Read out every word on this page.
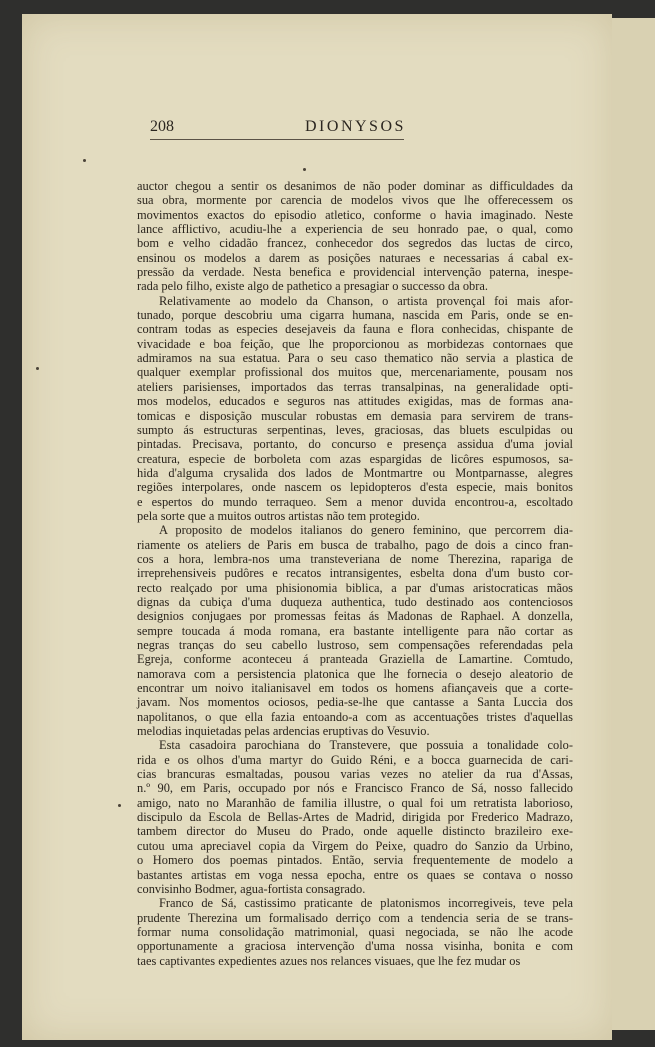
208	DIONYSOS
auctor chegou a sentir os desanimos de não poder dominar as difficuldades da
sua obra, mormente por carencia de modelos vivos que lhe offerecessem os
movimentos exactos do episodio atletico, conforme o havia imaginado. Neste
lance afflictivo, acudiu-lhe a experiencia de seu honrado pae, o qual, como
bom e velho cidadão francez, conhecedor dos segredos das luctas de circo,
ensinou os modelos a darem as posições naturaes e necessarias á cabal ex-
pressão da verdade. Nesta benefica e providencial intervenção paterna, inespe-
rada pelo filho, existe algo de pathetico a presagiar o successo da obra.
Relativamente ao modelo da Chanson, o artista provençal foi mais afor-
tunado, porque descobriu uma cigarra humana, nascida em Paris, onde se en-
contram todas as especies desejaveis da fauna e flora conhecidas, chispante de
vivacidade e boa feição, que lhe proporcionou as morbidezas contornaes que
admiramos na sua estatua. Para o seu caso thematico não servia a plastica de
qualquer exemplar profissional dos muitos que, mercenariamente, pousam nos
ateliers parisienses, importados das terras transalpinas, na generalidade opti-
mos modelos, educados e seguros nas attitudes exigidas, mas de formas ana-
tomicas e disposição muscular robustas em demasia para servirem de trans-
sumpto ás estructuras serpentinas, leves, graciosas, das bluets esculpidas ou
pintadas. Precisava, portanto, do concurso e presença assidua d'uma jovial
creatura, especie de borboleta com azas espargidas de licôres espumosos, sa-
hida d'alguma crysalida dos lados de Montmartre ou Montparnasse, alegres
regiões interpolares, onde nascem os lepidopteros d'esta especie, mais bonitos
e espertos do mundo terraqueo. Sem a menor duvida encontrou-a, escoltado
pela sorte que a muitos outros artistas não tem protegido.
A proposito de modelos italianos do genero feminino, que percorrem dia-
riamente os ateliers de Paris em busca de trabalho, pago de dois a cinco fran-
cos a hora, lembra-nos uma transteveriana de nome Therezina, rapariga de
irreprehensiveis pudôres e recatos intransigentes, esbelta dona d'um busto cor-
recto realçado por uma phisionomia biblica, a par d'umas aristocraticas mãos
dignas da cubiça d'uma duqueza authentica, tudo destinado aos contenciosos
designios conjugaes por promessas feitas ás Madonas de Raphael. A donzella,
sempre toucada á moda romana, era bastante intelligente para não cortar as
negras tranças do seu cabello lustroso, sem compensações referendadas pela
Egreja, conforme aconteceu á pranteada Graziella de Lamartine. Comtudo,
namorava com a persistencia platonica que lhe fornecia o desejo aleatorio de
encontrar um noivo italianisavel em todos os homens afiançaveis que a corte-
javam. Nos momentos ociosos, pedia-se-lhe que cantasse a Santa Luccia dos
napolitanos, o que ella fazia entoando-a com as accentuações tristes d'aquellas
melodias inquietadas pelas ardencias eruptivas do Vesuvio.
Esta casadoira parochiana do Transtevere, que possuia a tonalidade colo-
rida e os olhos d'uma martyr do Guido Réni, e a bocca guarnecida de cari-
cias brancuras esmaltadas, pousou varias vezes no atelier da rua d'Assas,
n.º 90, em Paris, occupado por nós e Francisco Franco de Sá, nosso fallecido
amigo, nato no Maranhão de familia illustre, o qual foi um retratista laborioso,
discipulo da Escola de Bellas-Artes de Madrid, dirigida por Frederico Madrazo,
tambem director do Museu do Prado, onde aquelle distincto brazileiro exe-
cutou uma apreciavel copia da Virgem do Peixe, quadro do Sanzio da Urbino,
o Homero dos poemas pintados. Então, servia frequentemente de modelo a
bastantes artistas em voga nessa epocha, entre os quaes se contava o nosso
convisinho Bodmer, agua-fortista consagrado.
Franco de Sá, castissimo praticante de platonismos incorregiveis, teve pela
prudente Therezina um formalisado derriço com a tendencia seria de se trans-
formar numa consolidação matrimonial, quasi negociada, se não lhe acode
opportunamente a graciosa intervenção d'uma nossa visinha, bonita e com
taes captivantes expedientes azues nos relances visuaes, que lhe fez mudar os
